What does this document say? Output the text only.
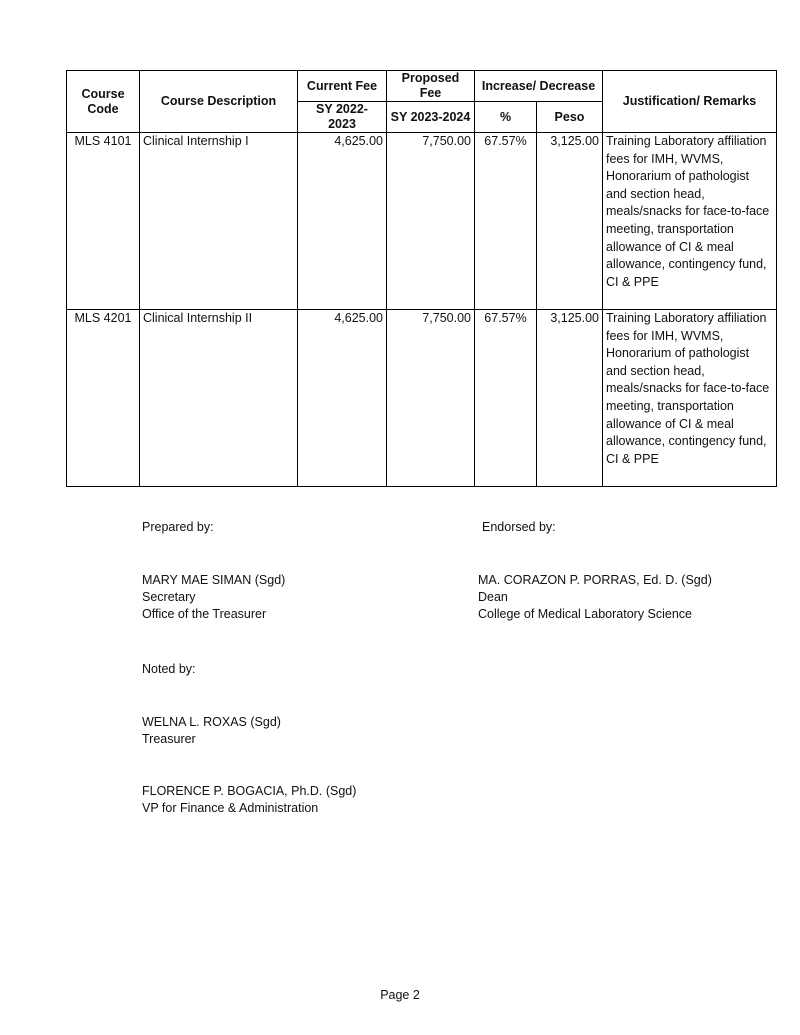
Course Code	Course Description	Current Fee	Proposed Fee	Increase/ Decrease		Justification/ Remarks
		SY 2022- 2023	SY 2023-2024	%	Peso	
MLS 4101	Clinical Internship I	4,625.00	7,750.00	67.57%	3,125.00	Training Laboratory affiliation fees for IMH, WVMS, Honorarium of pathologist and section head, meals/snacks for face-to-face meeting, transportation allowance of CI & meal allowance, contingency fund, CI & PPE
MLS 4201	Clinical Internship II	4,625.00	7,750.00	67.57%	3,125.00	Training Laboratory affiliation fees for IMH, WVMS, Honorarium of pathologist and section head, meals/snacks for face-to-face meeting, transportation allowance of CI & meal allowance, contingency fund, CI & PPE
Prepared by:	Endorsed by:
MARY MAE SIMAN (Sgd)
Secretary
Office of the Treasurer
MA. CORAZON P. PORRAS, Ed. D. (Sgd)
Dean
College of Medical Laboratory Science
Noted by:
WELNA L. ROXAS (Sgd)
Treasurer
FLORENCE P. BOGACIA, Ph.D. (Sgd)
VP for Finance & Administration
Page 2
